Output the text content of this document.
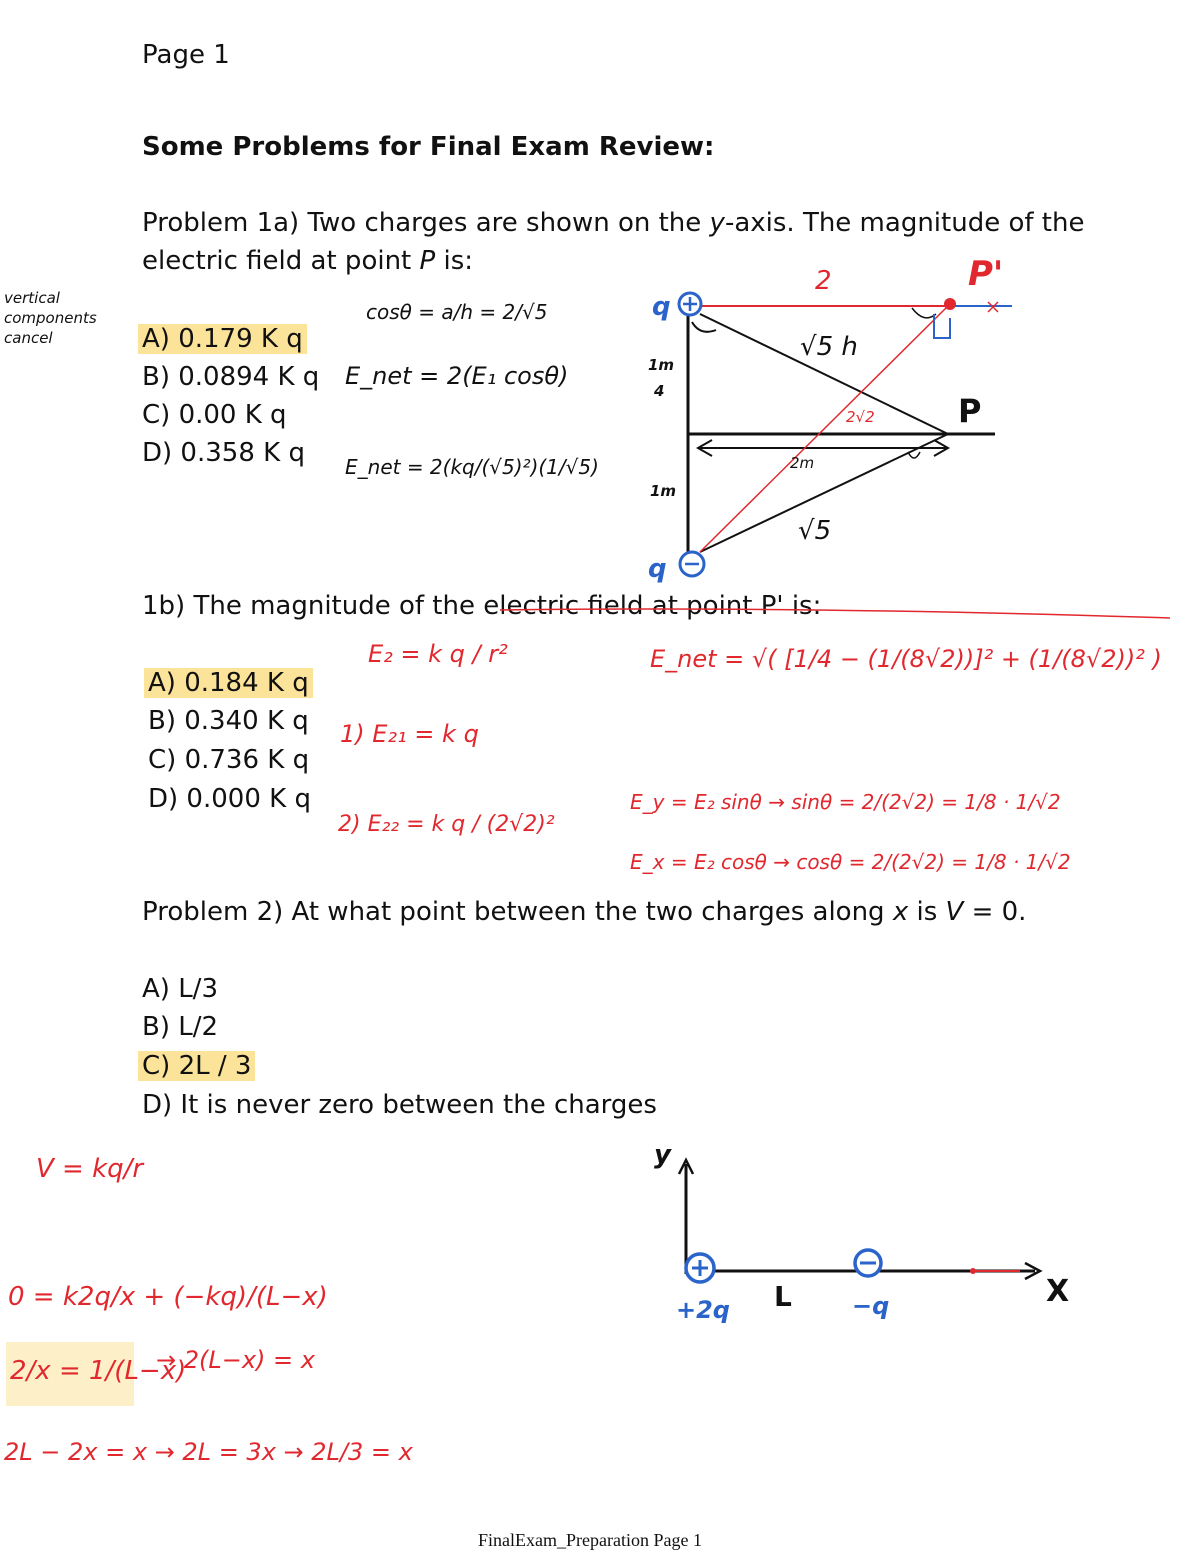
Page 1
Some Problems for Final Exam Review:
Problem 1a) Two charges are shown on the y-axis. The magnitude of the
electric field at point P is:
A) 0.179 K q
B) 0.0894 K q
C) 0.00 K q
D) 0.358 K q
1b) The magnitude of the electric field at point P' is:
A) 0.184 K q
B) 0.340 K q
C) 0.736 K q
D) 0.000 K q
Problem 2) At what point between the two charges along x is V = 0.
A) L/3
B) L/2
C) 2L / 3
D) It is never zero between the charges
FinalExam_Preparation Page 1
vertical
components
cancel
cosθ = a/h = 2/√5
E_net = 2(E₁ cosθ)
E_net = 2(kq/(√5)²)(1/√5)
1m
4
1m
q
q
2
√5 h
2√2
2m
√5
P
P'
E₂ = k q / r²	E_net = √( [1/4 − (1/(8√2))]² + (1/(8√2))² )
1) E₂₁ = k q
2) E₂₂ = k q / (2√2)²
E_y = E₂ sinθ → sinθ = 2/(2√2) = 1/8 · 1/√2
E_x = E₂ cosθ → cosθ = 2/(2√2) = 1/8 · 1/√2
V = kq/r
0 = k2q/x + (−kq)/(L−x)
2/x = 1/(L−x)
→ 2(L−x) = x
2L − 2x = x → 2L = 3x → 2L/3 = x
y
X
L
+2q	−q
